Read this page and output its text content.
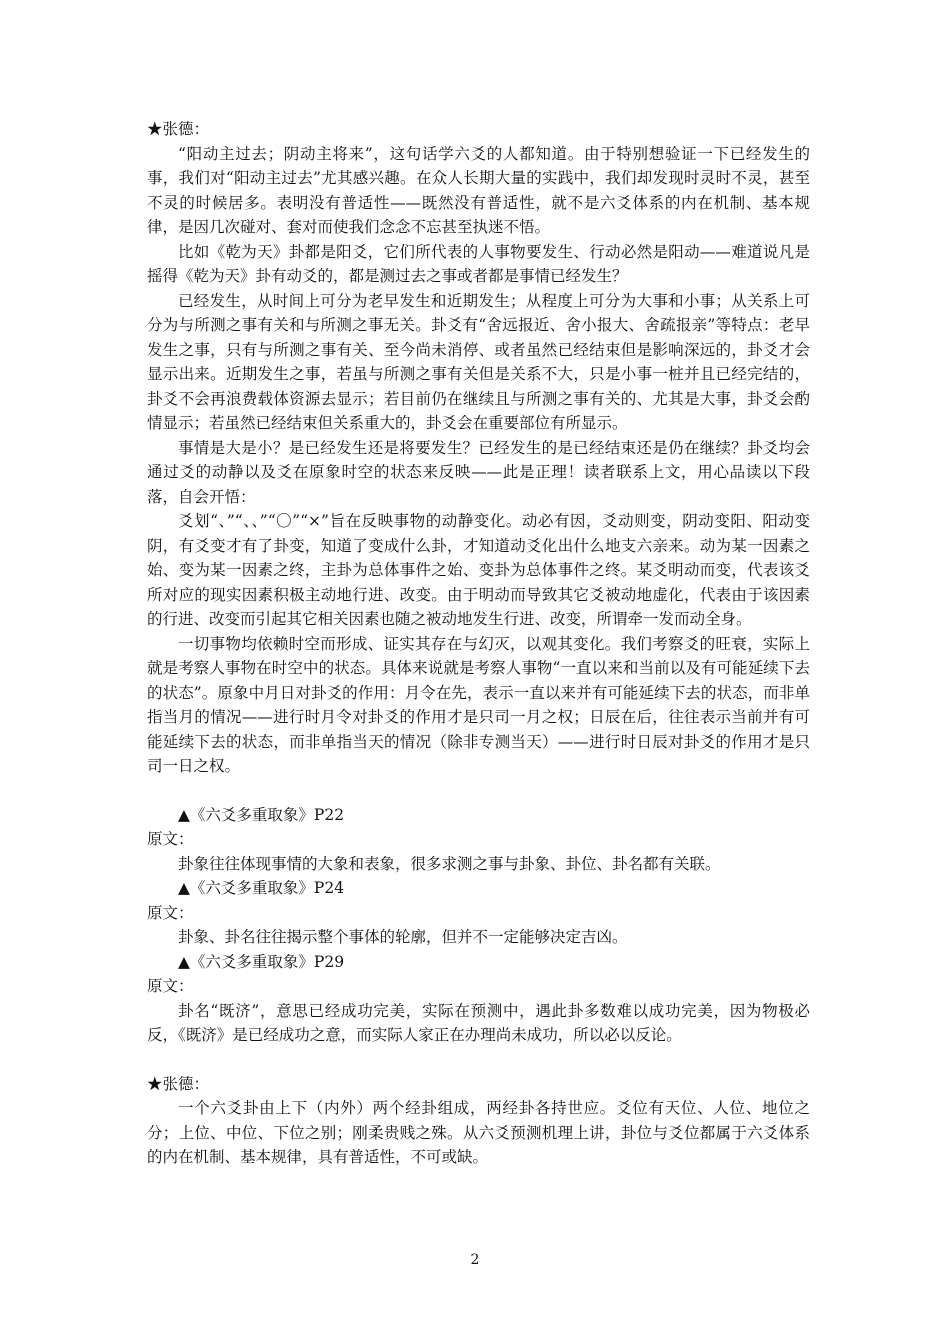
★张德：

“阳动主过去；阴动主将来”，这句话学六爻的人都知道。由于特别想验证一下已经发生的事，我们对“阳动主过去”尤其感兴趣。在众人长期大量的实践中，我们却发现时灵时不灵，甚至不灵的时候居多。表明没有普适性——既然没有普适性，就不是六爻体系的内在机制、基本规律，是因几次碰对、套对而使我们念念不忘甚至执迷不悟。

比如《乾为天》卦都是阳爻，它们所代表的人事物要发生、行动必然是阳动——难道说凡是摇得《乾为天》卦有动爻的，都是测过去之事或者都是事情已经发生？

已经发生，从时间上可分为老早发生和近期发生；从程度上可分为大事和小事；从关系上可分为与所测之事有关和与所测之事无关。卦爻有“舍远报近、舍小报大、舍疏报亲”等特点：老早发生之事，只有与所测之事有关、至今尚未消停、或者虽然已经结束但是影响深远的，卦爻才会显示出来。近期发生之事，若虽与所测之事有关但是关系不大，只是小事一桩并且已经完结的，卦爻不会再浪费载体资源去显示；若目前仍在继续且与所测之事有关的、尤其是大事，卦爻会酌情显示；若虽然已经结束但关系重大的，卦爻会在重要部位有所显示。

事情是大是小？是已经发生还是将要发生？已经发生的是已经结束还是仍在继续？卦爻均会通过爻的动静以及爻在原象时空的状态来反映——此是正理！读者联系上文，用心品读以下段落，自会开悟：

爻划“、”“、、”“〇”“×”旨在反映事物的动静变化。动必有因，爻动则变，阴动变阳、阳动变阴，有爻变才有了卦变，知道了变成什么卦，才知道动爻化出什么地支六亲来。动为某一因素之始、变为某一因素之终，主卦为总体事件之始、变卦为总体事件之终。某爻明动而变，代表该爻所对应的现实因素积极主动地行进、改变。由于明动而导致其它爻被动地虚化，代表由于该因素的行进、改变而引起其它相关因素也随之被动地发生行进、改变，所谓牵一发而动全身。

一切事物均依赖时空而形成、证实其存在与幻灭，以观其变化。我们考察爻的旺衰，实际上就是考察人事物在时空中的状态。具体来说就是考察人事物“一直以来和当前以及有可能延续下去的状态”。原象中月日对卦爻的作用：月令在先，表示一直以来并有可能延续下去的状态，而非单指当月的情况——进行时月令对卦爻的作用才是只司一月之权；日辰在后，往往表示当前并有可能延续下去的状态，而非单指当天的情况（除非专测当天）——进行时日辰对卦爻的作用才是只司一日之权。

▲《六爻多重取象》P22

原文：

卦象往往体现事情的大象和表象，很多求测之事与卦象、卦位、卦名都有关联。

▲《六爻多重取象》P24

原文：

卦象、卦名往往揭示整个事体的轮廓，但并不一定能够决定吉凶。

▲《六爻多重取象》P29

原文：

卦名“既济”，意思已经成功完美，实际在预测中，遇此卦多数难以成功完美，因为物极必反，《既济》是已经成功之意，而实际人家正在办理尚未成功，所以必以反论。

★张德：

一个六爻卦由上下（内外）两个经卦组成，两经卦各持世应。爻位有天位、人位、地位之分；上位、中位、下位之别；刚柔贵贱之殊。从六爻预测机理上讲，卦位与爻位都属于六爻体系的内在机制、基本规律，具有普适性，不可或缺。

2
